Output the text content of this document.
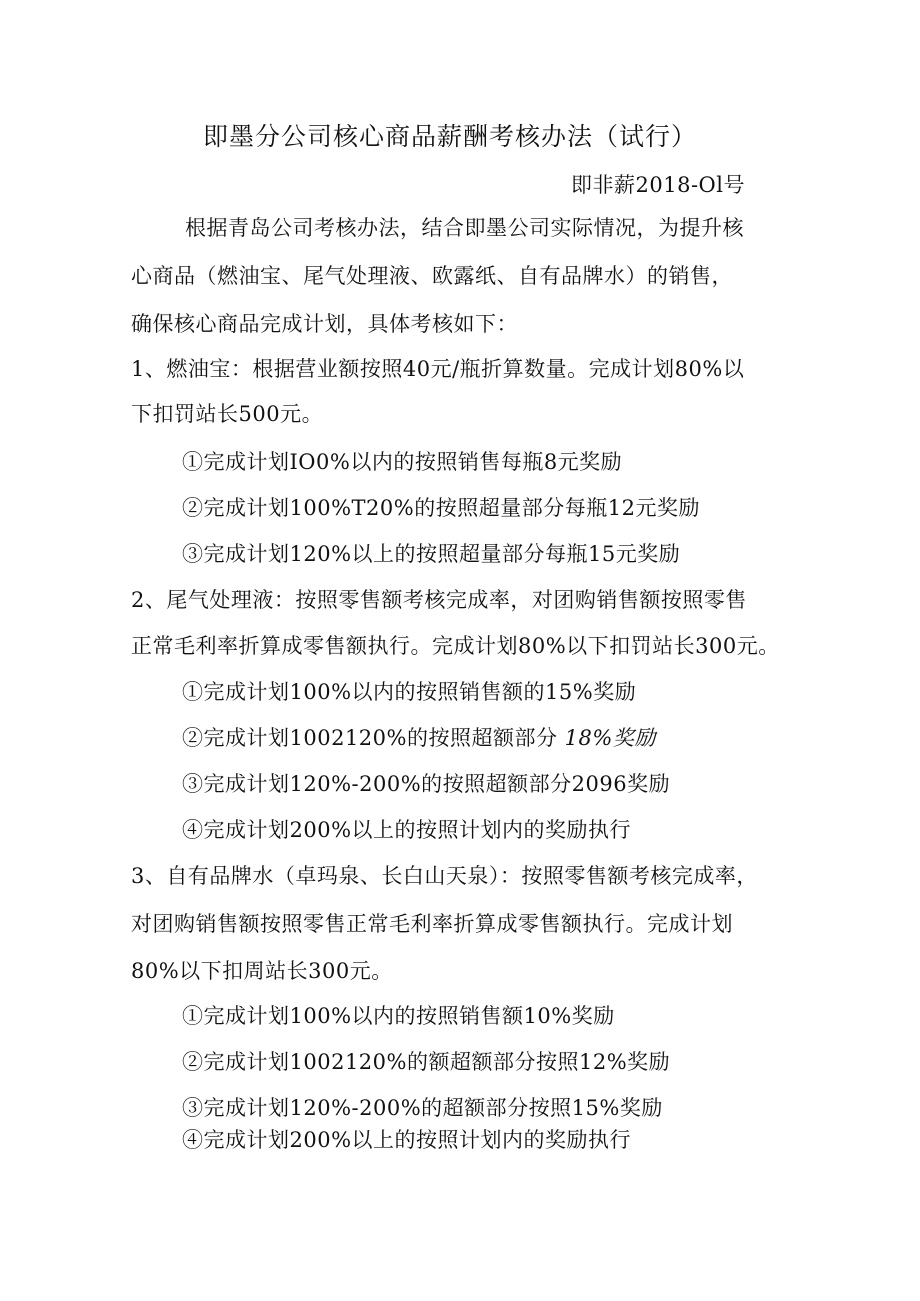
即墨分公司核心商品薪酬考核办法（试行）
即非薪2018-Ol号
根据青岛公司考核办法，结合即墨公司实际情况，为提升核
心商品（燃油宝、尾气处理液、欧露纸、自有品牌水）的销售，
确保核心商品完成计划，具体考核如下：
1、燃油宝：根据营业额按照40元/瓶折算数量。完成计划80%以
下扣罚站长500元。
①完成计划IO0%以内的按照销售每瓶8元奖励
②完成计划100%T20%的按照超量部分每瓶12元奖励
③完成计划120%以上的按照超量部分每瓶15元奖励
2、尾气处理液：按照零售额考核完成率，对团购销售额按照零售
正常毛利率折算成零售额执行。完成计划80%以下扣罚站长300元。
①完成计划100%以内的按照销售额的15%奖励
②完成计划1002120%的按照超额部分 18%奖励
③完成计划120%-200%的按照超额部分2096奖励
④完成计划200%以上的按照计划内的奖励执行
3、自有品牌水（卓玛泉、长白山天泉）：按照零售额考核完成率，
对团购销售额按照零售正常毛利率折算成零售额执行。完成计划
80%以下扣周站长300元。
①完成计划100%以内的按照销售额10%奖励
②完成计划1002120%的额超额部分按照12%奖励
③完成计划120%-200%的超额部分按照15%奖励
④完成计划200%以上的按照计划内的奖励执行
